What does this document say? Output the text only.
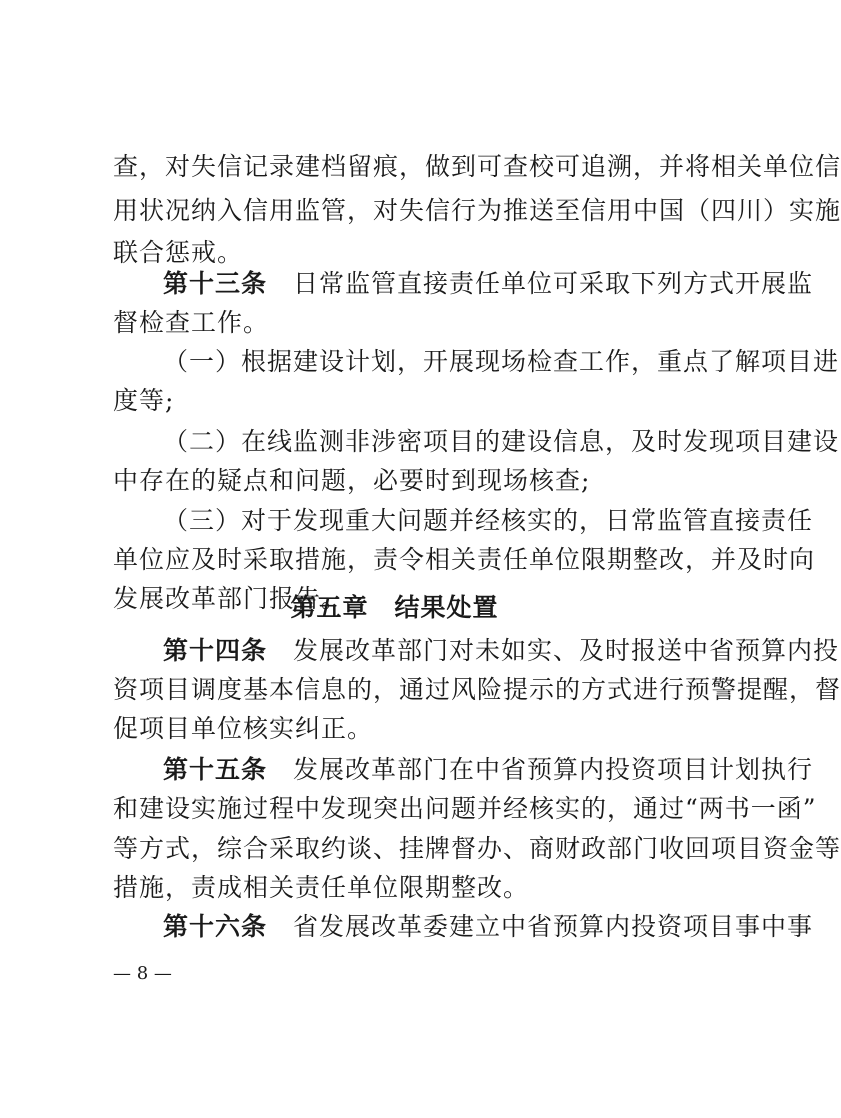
查，对失信记录建档留痕，做到可查校可追溯，并将相关单位信
用状况纳入信用监管，对失信行为推送至信用中国（四川）实施
联合惩戒。
第十三条　 日常监管直接责任单位可采取下列方式开展监
督检查工作。
（一）根据建设计划，开展现场检查工作，重点了解项目进
度等;
（二）在线监测非涉密项目的建设信息，及时发现项目建设
中存在的疑点和问题，必要时到现场核查;
（三）对于发现重大问题并经核实的，日常监管直接责任
单位应及时采取措施，责令相关责任单位限期整改，并及时向
发展改革部门报告。
第五章　结果处置
第十四条　 发展改革部门对未如实、及时报送中省预算内投
资项目调度基本信息的，通过风险提示的方式进行预警提醒，督
促项目单位核实纠正。
第十五条　 发展改革部门在中省预算内投资项目计划执行
和建设实施过程中发现突出问题并经核实的，通过“两书一函”
等方式，综合采取约谈、挂牌督办、商财政部门收回项目资金等
措施，责成相关责任单位限期整改。
第十六条　 省发展改革委建立中省预算内投资项目事中事
— 8 —
